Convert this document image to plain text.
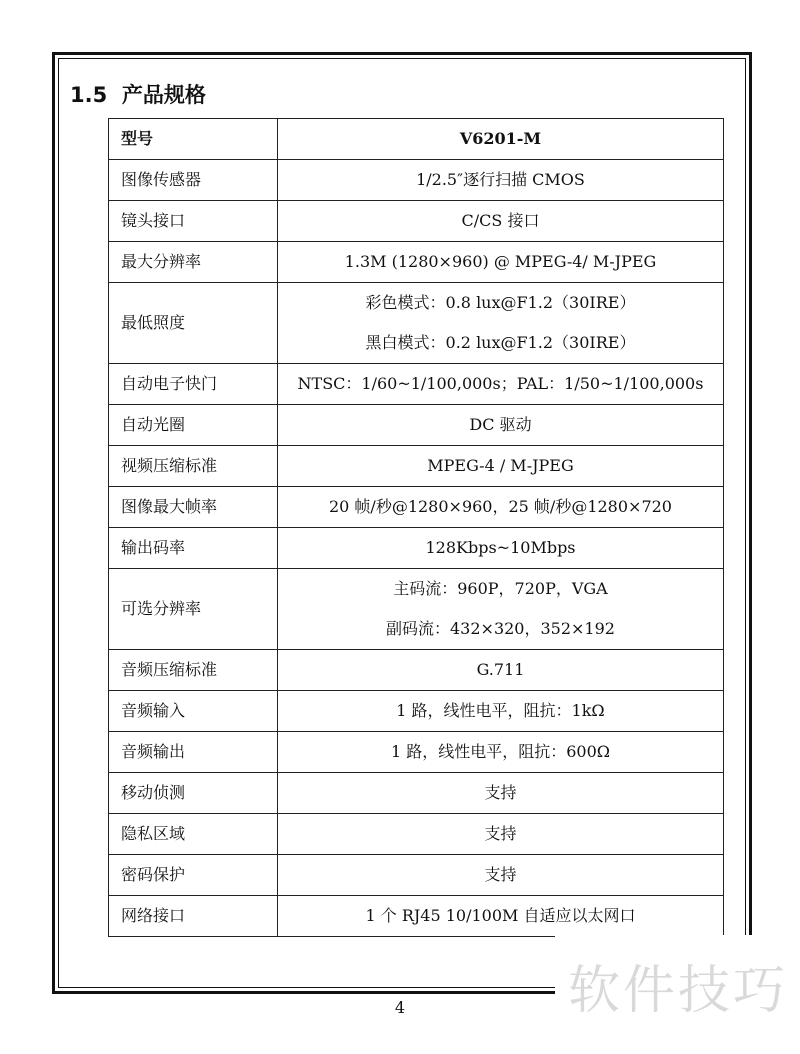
1.5 产品规格
型号	V6201-M
图像传感器	1/2.5″逐行扫描 CMOS

镜头接口	C/CS 接口

最大分辨率	1.3M (1280×960) @ MPEG-4/ M-JPEG

最低照度	彩色模式：0.8 lux@F1.2（30IRE）
黑白模式：0.2 lux@F1.2（30IRE）

自动电子快门	NTSC：1/60~1/100,000s；PAL：1/50~1/100,000s

自动光圈	DC 驱动

视频压缩标准	MPEG-4 / M-JPEG

图像最大帧率	20 帧/秒@1280×960，25 帧/秒@1280×720

输出码率	128Kbps~10Mbps

可选分辨率	主码流：960P，720P，VGA
副码流：432×320，352×192

音频压缩标准	G.711

音频输入	1 路，线性电平，阻抗：1kΩ

音频输出	1 路，线性电平，阻抗：600Ω

移动侦测	支持

隐私区域	支持

密码保护	支持

网络接口	1 个 RJ45 10/100M 自适应以太网口

软件技巧

4
